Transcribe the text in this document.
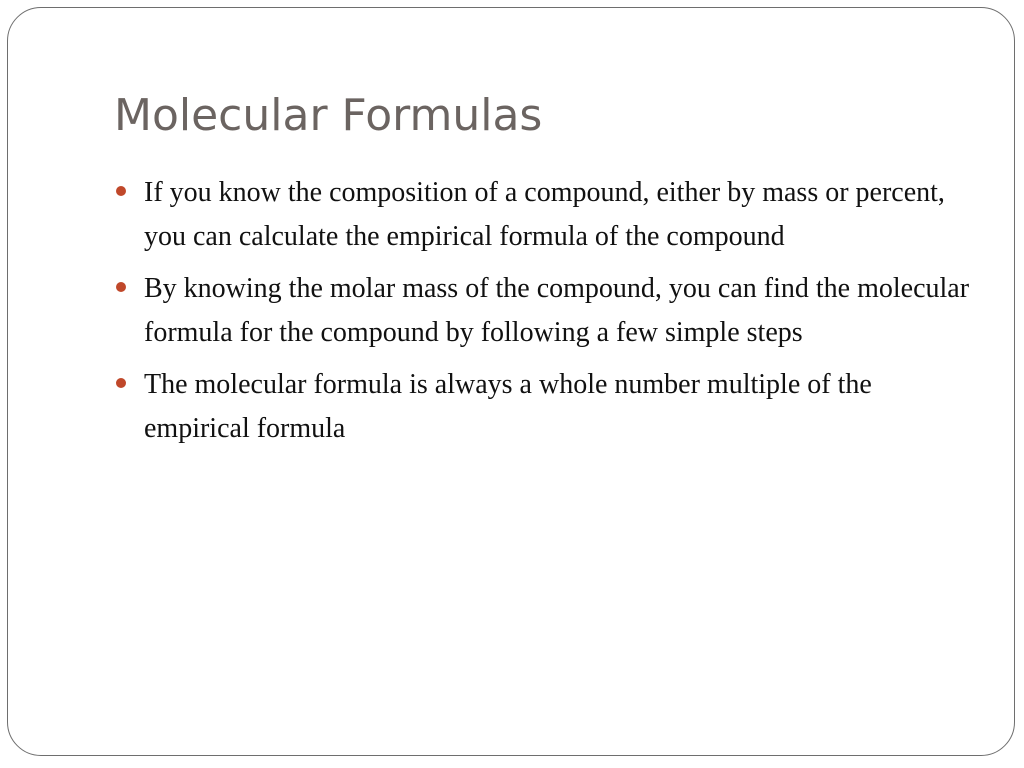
Molecular Formulas
If you know the composition of a compound, either by mass or percent, you can calculate the empirical formula of the compound
By knowing the molar mass of the compound, you can find the molecular formula for the compound by following a few simple steps
The molecular formula is always a whole number multiple of the empirical formula
